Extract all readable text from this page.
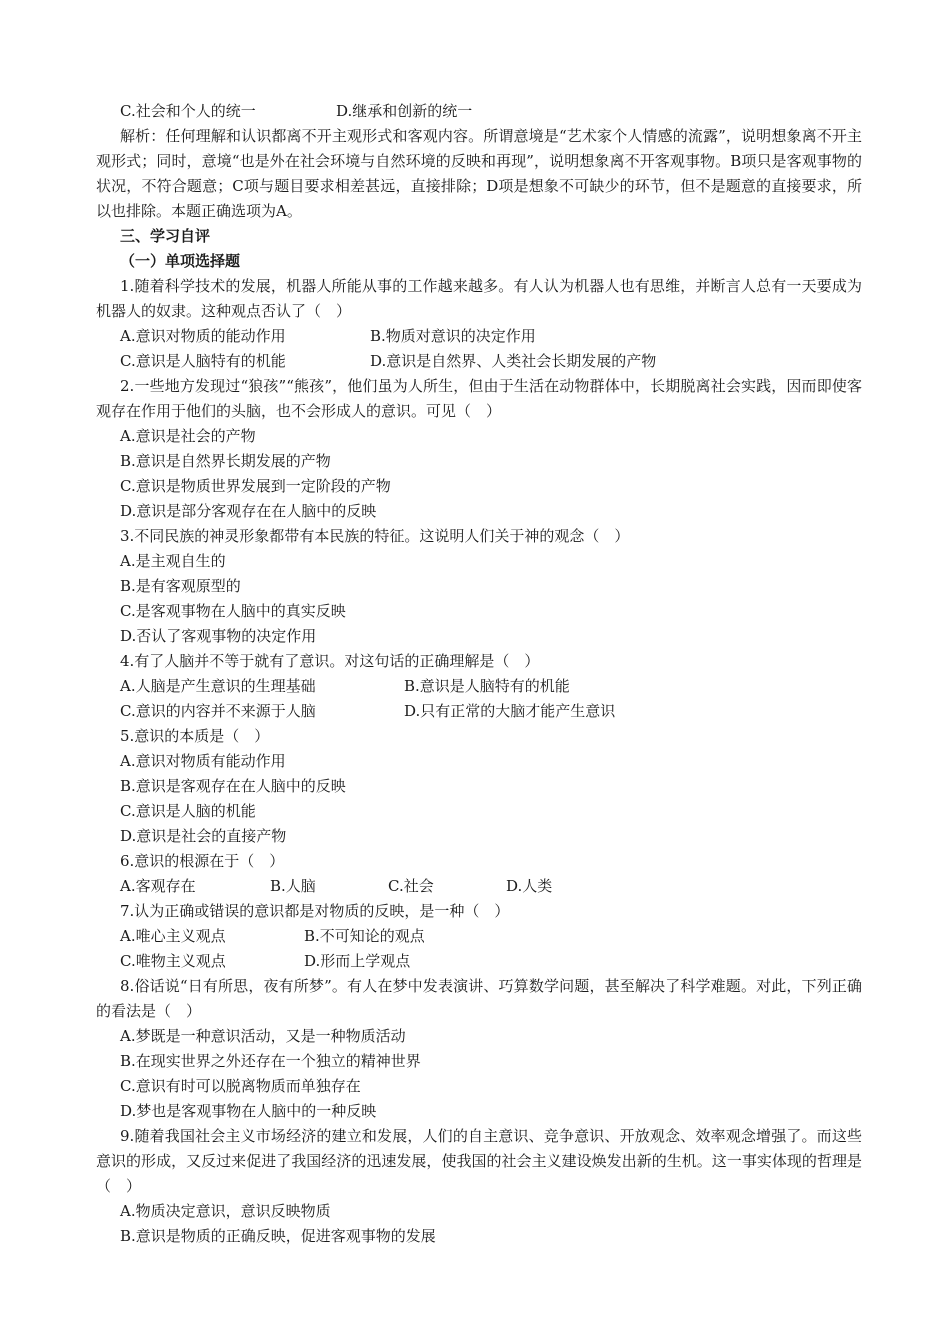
C.社会和个人的统一	D.继承和创新的统一
解析：任何理解和认识都离不开主观形式和客观内容。所谓意境是“艺术家个人情感的流露”，说明想象离不开主观形式；同时，意境“也是外在社会环境与自然环境的反映和再现”，说明想象离不开客观事物。B项只是客观事物的状况，不符合题意；C项与题目要求相差甚远，直接排除；D项是想象不可缺少的环节，但不是题意的直接要求，所以也排除。本题正确选项为A。
三、学习自评
（一）单项选择题
1.随着科学技术的发展，机器人所能从事的工作越来越多。有人认为机器人也有思维，并断言人总有一天要成为机器人的奴隶。这种观点否认了（　）
A.意识对物质的能动作用	B.物质对意识的决定作用
C.意识是人脑特有的机能	D.意识是自然界、人类社会长期发展的产物
2.一些地方发现过“狼孩”“熊孩”，他们虽为人所生，但由于生活在动物群体中，长期脱离社会实践，因而即使客观存在作用于他们的头脑，也不会形成人的意识。可见（　）
A.意识是社会的产物
B.意识是自然界长期发展的产物
C.意识是物质世界发展到一定阶段的产物
D.意识是部分客观存在在人脑中的反映
3.不同民族的神灵形象都带有本民族的特征。这说明人们关于神的观念（　）
A.是主观自生的
B.是有客观原型的
C.是客观事物在人脑中的真实反映
D.否认了客观事物的决定作用
4.有了人脑并不等于就有了意识。对这句话的正确理解是（　）
A.人脑是产生意识的生理基础	B.意识是人脑特有的机能
C.意识的内容并不来源于人脑	D.只有正常的大脑才能产生意识
5.意识的本质是（　）
A.意识对物质有能动作用
B.意识是客观存在在人脑中的反映
C.意识是人脑的机能
D.意识是社会的直接产物
6.意识的根源在于（　）
A.客观存在	B.人脑	C.社会	D.人类
7.认为正确或错误的意识都是对物质的反映，是一种（　）
A.唯心主义观点	B.不可知论的观点
C.唯物主义观点	D.形而上学观点
8.俗话说“日有所思，夜有所梦”。有人在梦中发表演讲、巧算数学问题，甚至解决了科学难题。对此，下列正确的看法是（　）
A.梦既是一种意识活动，又是一种物质活动
B.在现实世界之外还存在一个独立的精神世界
C.意识有时可以脱离物质而单独存在
D.梦也是客观事物在人脑中的一种反映
9.随着我国社会主义市场经济的建立和发展，人们的自主意识、竞争意识、开放观念、效率观念增强了。而这些意识的形成，又反过来促进了我国经济的迅速发展，使我国的社会主义建设焕发出新的生机。这一事实体现的哲理是（　）
A.物质决定意识，意识反映物质
B.意识是物质的正确反映，促进客观事物的发展
